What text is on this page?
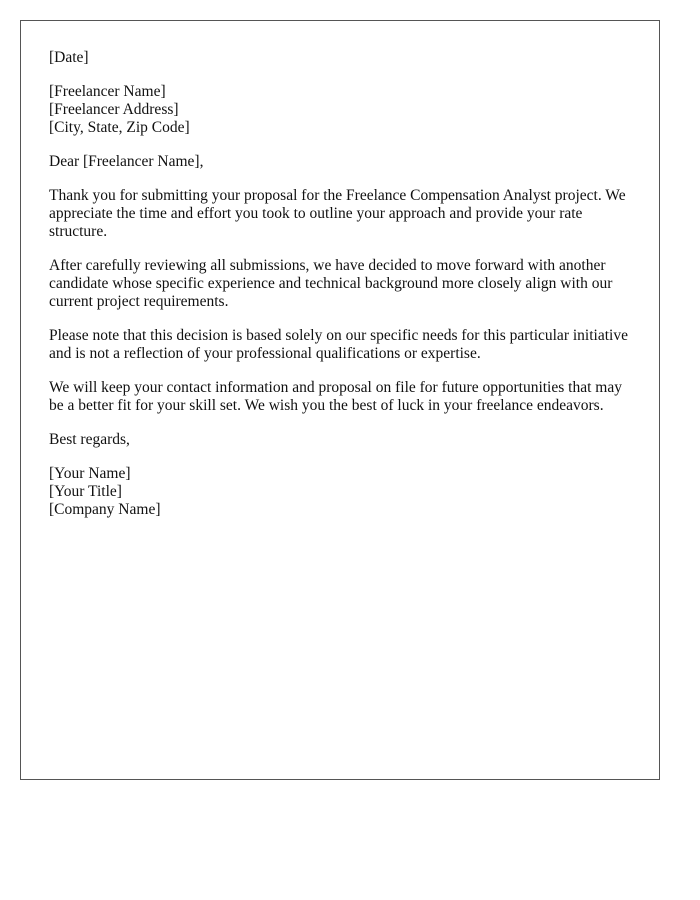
[Date]
[Freelancer Name]
[Freelancer Address]
[City, State, Zip Code]

Dear [Freelancer Name],

Thank you for submitting your proposal for the Freelance Compensation Analyst project. We appreciate the time and effort you took to outline your approach and provide your rate structure.

After carefully reviewing all submissions, we have decided to move forward with another candidate whose specific experience and technical background more closely align with our current project requirements.

Please note that this decision is based solely on our specific needs for this particular initiative and is not a reflection of your professional qualifications or expertise.

We will keep your contact information and proposal on file for future opportunities that may be a better fit for your skill set. We wish you the best of luck in your freelance endeavors.

Best regards,

[Your Name]
[Your Title]
[Company Name]
